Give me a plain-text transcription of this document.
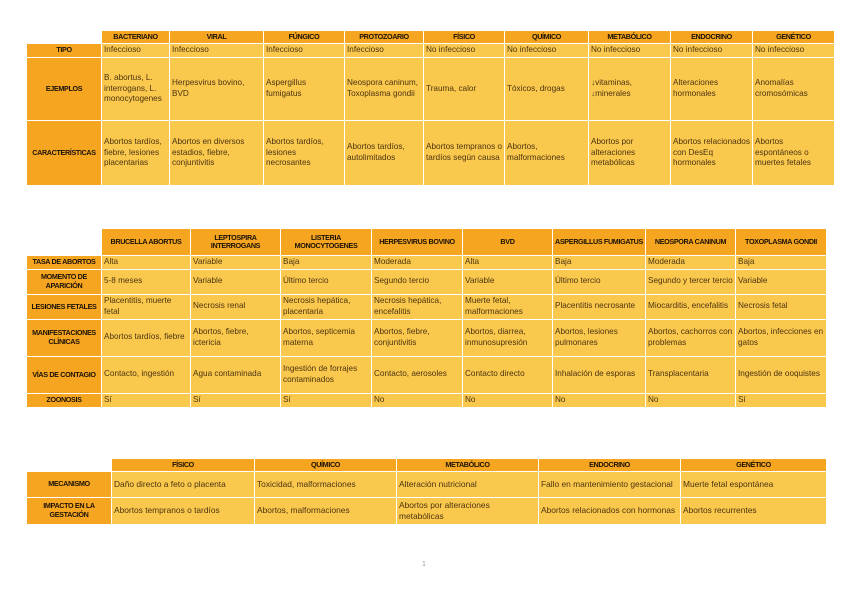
	BACTERIANO	VIRAL	FÚNGICO	PROTOZOARIO	FÍSICO	QUÍMICO	METABÓLICO	ENDOCRINO	GENÉTICO
TIPO	Infeccioso	Infeccioso	Infeccioso	Infeccioso	No infeccioso	No infeccioso	No infeccioso	No infeccioso	No infeccioso
EJEMPLOS	B. abortus, L. interrogans, L. monocytogenes	Herpesvirus bovino, BVD	Aspergillus fumigatus	Neospora caninum, Toxoplasma gondii	Trauma, calor	Tóxicos, drogas	↓vitaminas, ↓minerales	Alteraciones hormonales	Anomalías cromosómicas
CARACTERÍSTICAS	Abortos tardíos, fiebre, lesiones placentarias	Abortos en diversos estadios, fiebre, conjuntivitis	Abortos tardíos, lesiones necrosantes	Abortos tardíos, autolimitados	Abortos tempranos o tardíos según causa	Abortos, malformaciones	Abortos por alteraciones metabólicas	Abortos relacionados con DesEq hormonales	Abortos espontáneos o muertes fetales
	BRUCELLA ABORTUS	LEPTOSPIRA INTERROGANS	LISTERIA MONOCYTOGENES	HERPESVIRUS BOVINO	BVD	ASPERGILLUS FUMIGATUS	NEOSPORA CANINUM	TOXOPLASMA GONDII
TASA DE ABORTOS	Alta	Variable	Baja	Moderada	Alta	Baja	Moderada	Baja
MOMENTO DE APARICIÓN	5-8 meses	Variable	Último tercio	Segundo tercio	Variable	Último tercio	Segundo y tercer tercio	Variable
LESIONES FETALES	Placentitis, muerte fetal	Necrosis renal	Necrosis hepática, placentaria	Necrosis hepática, encefalitis	Muerte fetal, malformaciones	Placentitis necrosante	Miocarditis, encefalitis	Necrosis fetal
MANIFESTACIONES CLÍNICAS	Abortos tardíos, fiebre	Abortos, fiebre, ictericia	Abortos, septicemia materna	Abortos, fiebre, conjuntivitis	Abortos, diarrea, inmunosupresión	Abortos, lesiones pulmonares	Abortos, cachorros con problemas	Abortos, infecciones en gatos
VÍAS DE CONTAGIO	Contacto, ingestión	Agua contaminada	Ingestión de forrajes contaminados	Contacto, aerosoles	Contacto directo	Inhalación de esporas	Transplacentaria	Ingestión de ooquistes
ZOONOSIS	Sí	Sí	Sí	No	No	No	No	Sí
	FÍSICO	QUÍMICO	METABÓLICO	ENDOCRINO	GENÉTICO
MECANISMO	Daño directo a feto o placenta	Toxicidad, malformaciones	Alteración nutricional	Fallo en mantenimiento gestacional	Muerte fetal espontánea
IMPACTO EN LA GESTACIÓN	Abortos tempranos o tardíos	Abortos, malformaciones	Abortos por alteraciones metabólicas	Abortos relacionados con hormonas	Abortos recurrentes
1
